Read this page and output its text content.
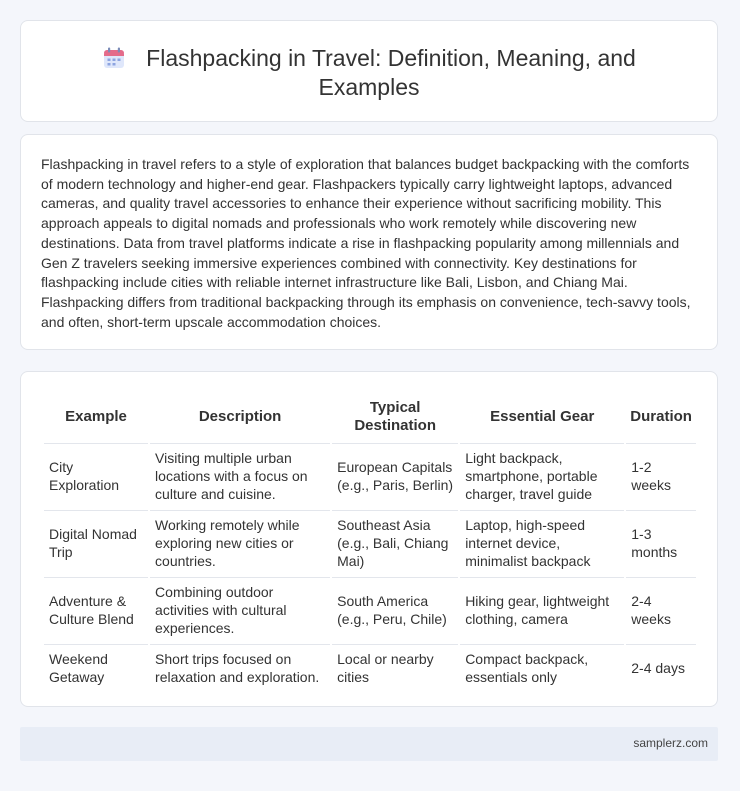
Flashpacking in Travel: Definition, Meaning, and Examples

Flashpacking in travel refers to a style of exploration that balances budget backpacking with the comforts of modern technology and higher-end gear. Flashpackers typically carry lightweight laptops, advanced cameras, and quality travel accessories to enhance their experience without sacrificing mobility. This approach appeals to digital nomads and professionals who work remotely while discovering new destinations. Data from travel platforms indicate a rise in flashpacking popularity among millennials and Gen Z travelers seeking immersive experiences combined with connectivity. Key destinations for flashpacking include cities with reliable internet infrastructure like Bali, Lisbon, and Chiang Mai. Flashpacking differs from traditional backpacking through its emphasis on convenience, tech-savvy tools, and often, short-term upscale accommodation choices.

Example	Description	Typical Destination	Essential Gear	Duration
City Exploration	Visiting multiple urban locations with a focus on culture and cuisine.	European Capitals (e.g., Paris, Berlin)	Light backpack, smartphone, portable charger, travel guide	1-2 weeks
Digital Nomad Trip	Working remotely while exploring new cities or countries.	Southeast Asia (e.g., Bali, Chiang Mai)	Laptop, high-speed internet device, minimalist backpack	1-3 months
Adventure & Culture Blend	Combining outdoor activities with cultural experiences.	South America (e.g., Peru, Chile)	Hiking gear, lightweight clothing, camera	2-4 weeks
Weekend Getaway	Short trips focused on relaxation and exploration.	Local or nearby cities	Compact backpack, essentials only	2-4 days
samplerz.com
